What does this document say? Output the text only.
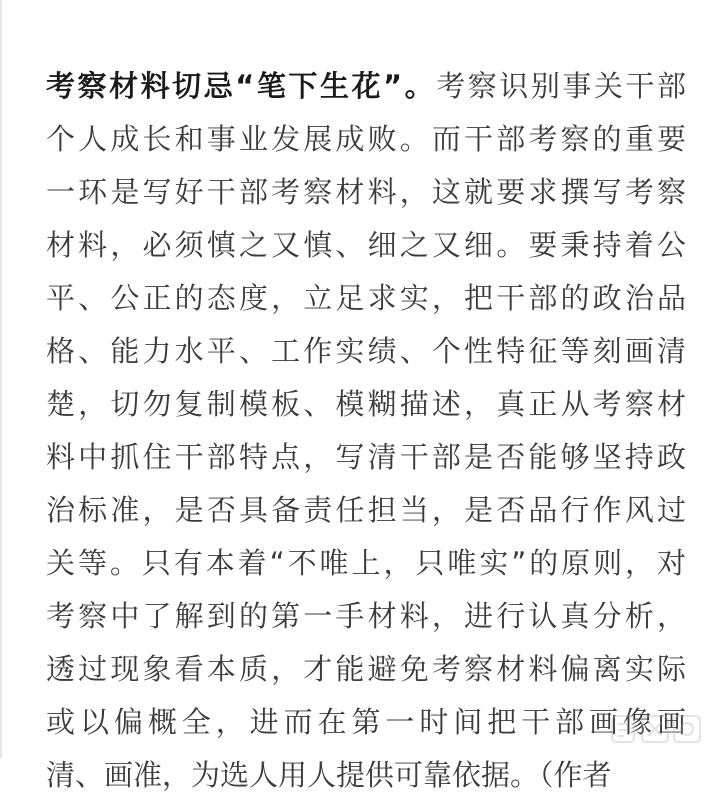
考察材料切忌“笔下生花”。考察识别事关干部
个人成长和事业发展成败。而干部考察的重要
一环是写好干部考察材料，这就要求撰写考察
材料，必须慎之又慎、细之又细。要秉持着公
平、公正的态度，立足求实，把干部的政治品
格、能力水平、工作实绩、个性特征等刻画清
楚，切勿复制模板、模糊描述，真正从考察材
料中抓住干部特点，写清干部是否能够坚持政
治标准，是否具备责任担当，是否品行作风过
关等。只有本着“不唯上，只唯实”的原则，对
考察中了解到的第一手材料，进行认真分析，
透过现象看本质，才能避免考察材料偏离实际
或以偏概全，进而在第一时间把干部画像画
清、画准，为选人用人提供可靠依据。（作者
